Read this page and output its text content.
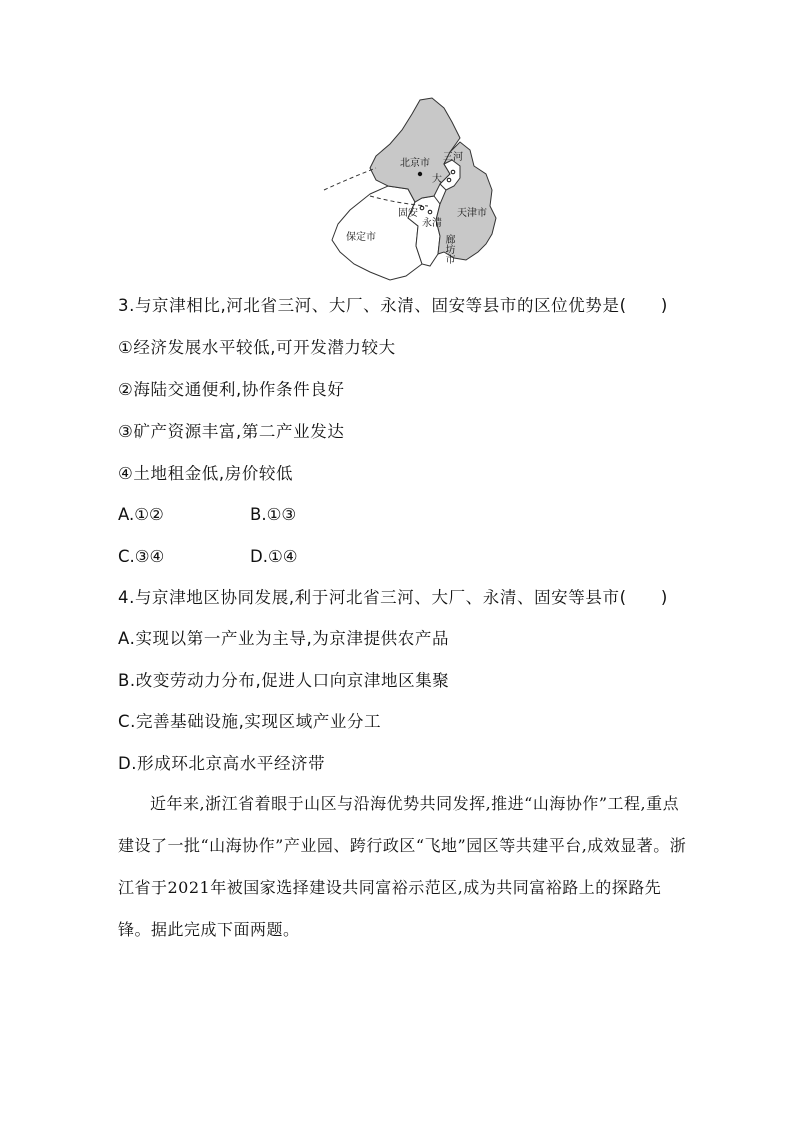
北京市
三河
大
天津市
固安
永清
廊坊市
保定市
3.与京津相比,河北省三河、大厂、永清、固安等县市的区位优势是(　　)
①经济发展水平较低,可开发潜力较大
②海陆交通便利,协作条件良好
③矿产资源丰富,第二产业发达
④土地租金低,房价较低
A.①②	B.①③
C.③④	D.①④
4.与京津地区协同发展,利于河北省三河、大厂、永清、固安等县市(　　)
A.实现以第一产业为主导,为京津提供农产品
B.改变劳动力分布,促进人口向京津地区集聚
C.完善基础设施,实现区域产业分工
D.形成环北京高水平经济带
近年来,浙江省着眼于山区与沿海优势共同发挥,推进“山海协作”工程,重点建设了一批“山海协作”产业园、跨行政区“飞地”园区等共建平台,成效显著。浙江省于2021年被国家选择建设共同富裕示范区,成为共同富裕路上的探路先锋。据此完成下面两题。
